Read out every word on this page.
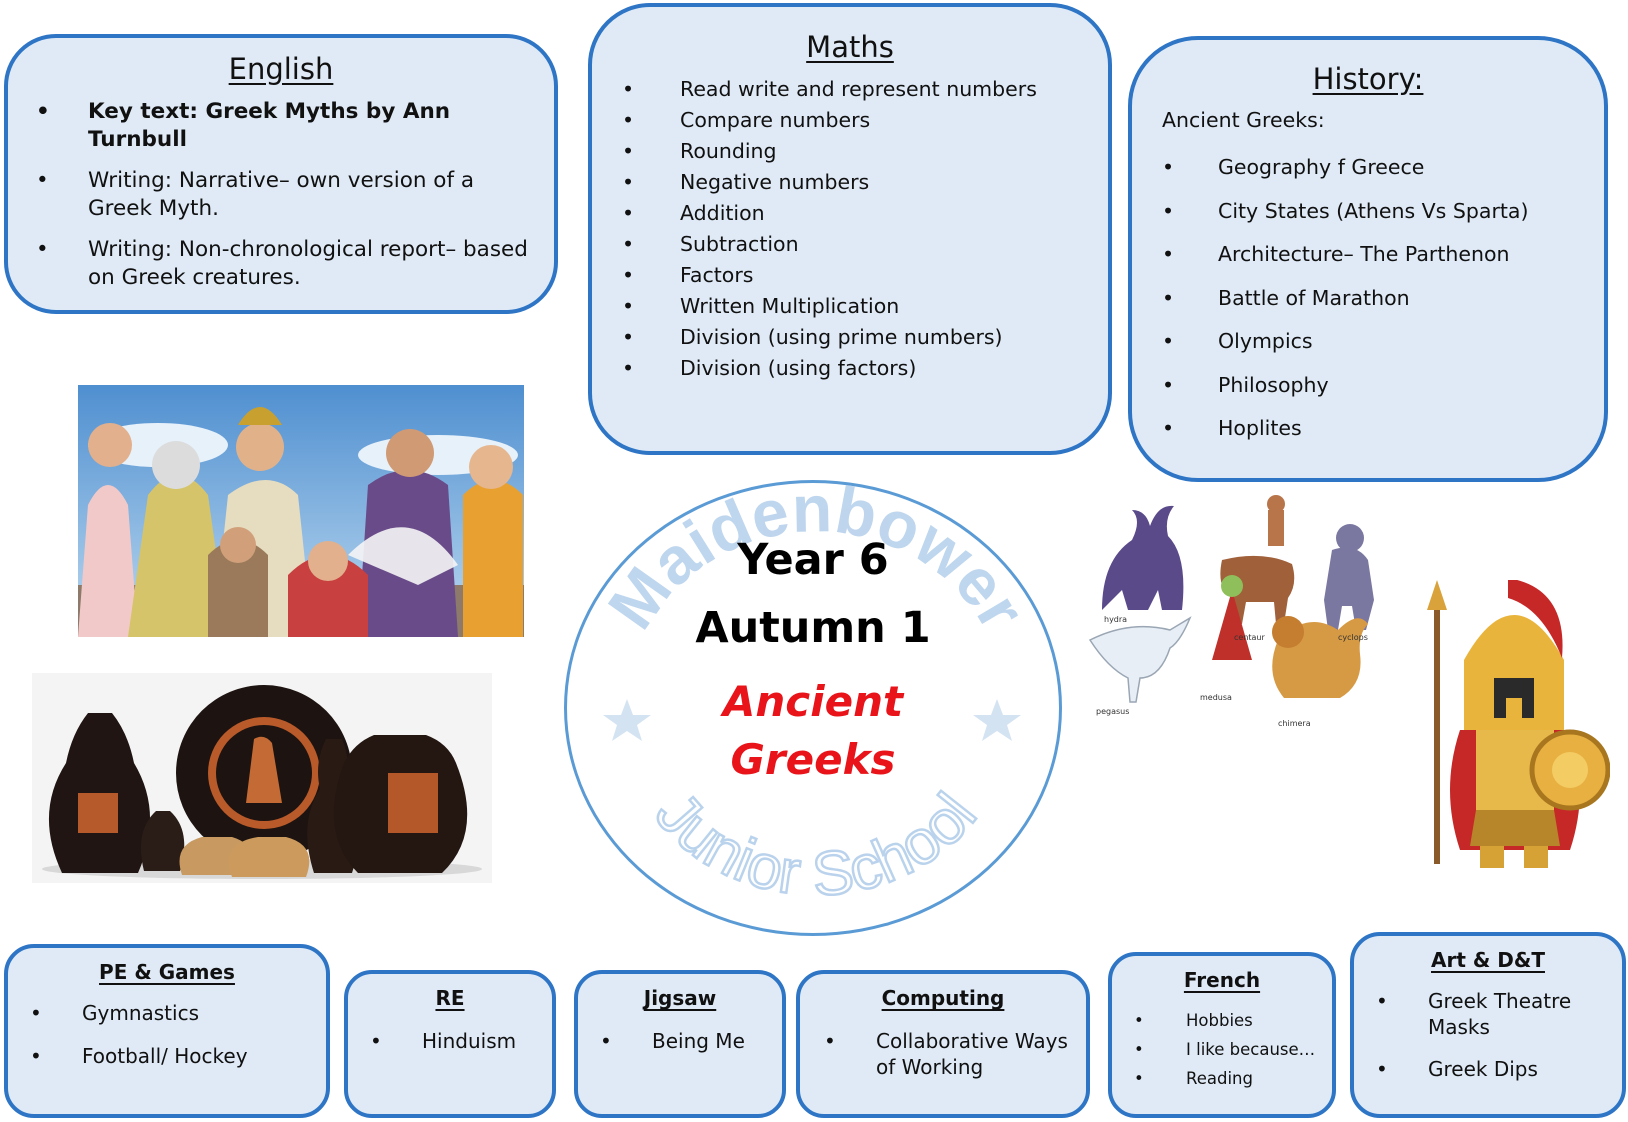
English
• Key text: Greek Myths by Ann Turnbull
• Writing: Narrative– own version of a Greek Myth.
• Writing: Non-chronological report– based on Greek creatures.
Maths
• Read write and represent numbers
• Compare numbers
• Rounding
• Negative numbers
• Addition
• Subtraction
• Factors
• Written Multiplication
• Division (using prime numbers)
• Division (using factors)
History:
Ancient Greeks:
• Geography f Greece
• City States (Athens Vs Sparta)
• Architecture– The Parthenon
• Battle of Marathon
• Olympics
• Philosophy
• Hoplites
Maidenbower
Junior School
Year 6
Autumn 1
Ancient
Greeks
hydra
centaur	cyclops
pegasus
medusa
chimera
PE & Games
• Gymnastics
• Football/ Hockey
RE
• Hinduism
Jigsaw
• Being Me
Computing
• Collaborative Ways of Working
French
• Hobbies
• I like because…
• Reading
Art & D&T
• Greek Theatre Masks
• Greek Dips
